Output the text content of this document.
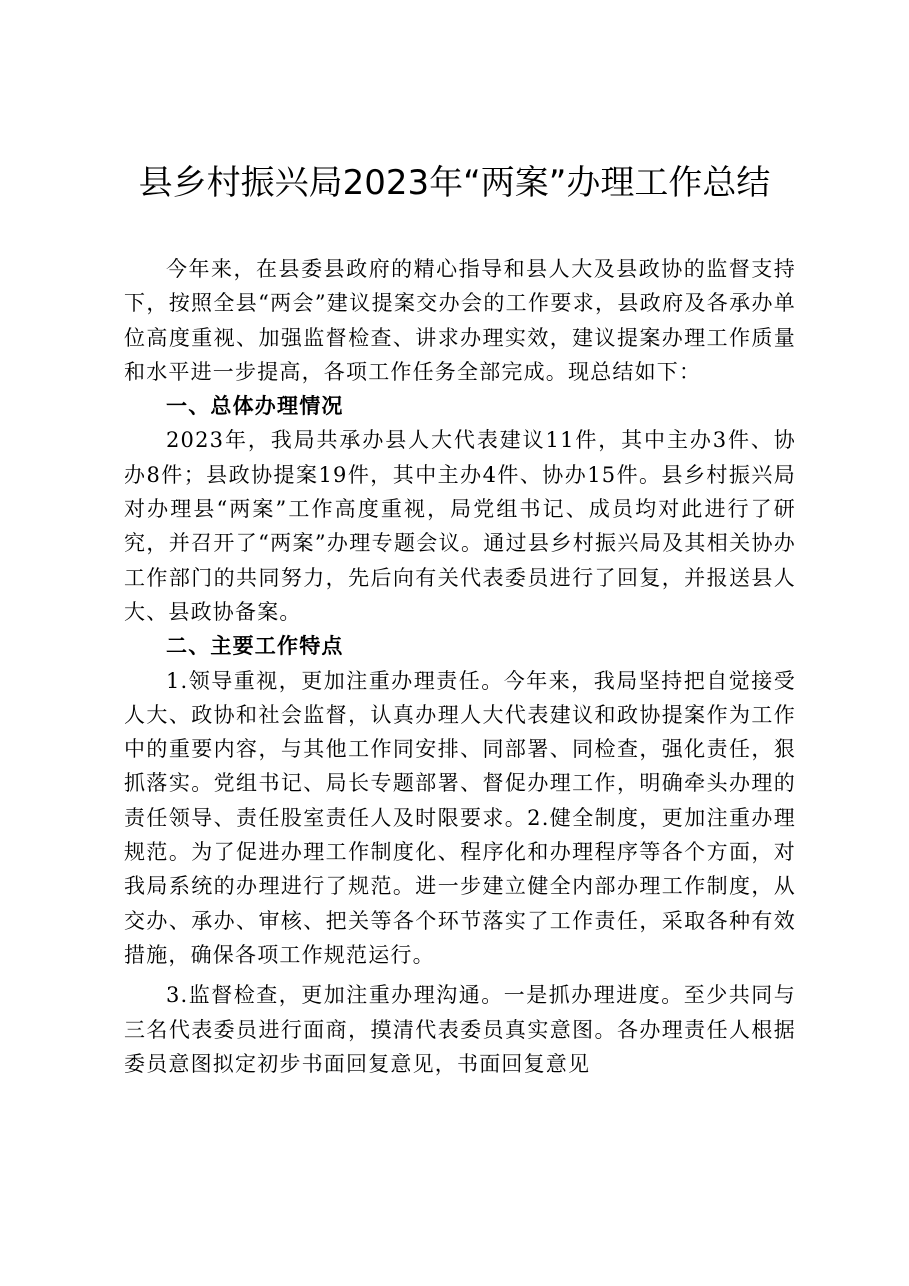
县乡村振兴局2023年“两案”办理工作总结

今年来，在县委县政府的精心指导和县人大及县政协的监督支持下，按照全县“两会”建议提案交办会的工作要求，县政府及各承办单位高度重视、加强监督检查、讲求办理实效，建议提案办理工作质量和水平进一步提高，各项工作任务全部完成。现总结如下：

一、总体办理情况

2023年，我局共承办县人大代表建议11件，其中主办3件、协办8件；县政协提案19件，其中主办4件、协办15件。县乡村振兴局对办理县“两案”工作高度重视，局党组书记、成员均对此进行了研究，并召开了“两案”办理专题会议。通过县乡村振兴局及其相关协办工作部门的共同努力，先后向有关代表委员进行了回复，并报送县人大、县政协备案。

二、主要工作特点

1.领导重视，更加注重办理责任。今年来，我局坚持把自觉接受人大、政协和社会监督，认真办理人大代表建议和政协提案作为工作中的重要内容，与其他工作同安排、同部署、同检查，强化责任，狠抓落实。党组书记、局长专题部署、督促办理工作，明确牵头办理的责任领导、责任股室责任人及时限要求。2.健全制度，更加注重办理规范。为了促进办理工作制度化、程序化和办理程序等各个方面，对我局系统的办理进行了规范。进一步建立健全内部办理工作制度，从交办、承办、审核、把关等各个环节落实了工作责任，采取各种有效措施，确保各项工作规范运行。

3.监督检查，更加注重办理沟通。一是抓办理进度。至少共同与三名代表委员进行面商，摸清代表委员真实意图。各办理责任人根据委员意图拟定初步书面回复意见，书面回复意见
